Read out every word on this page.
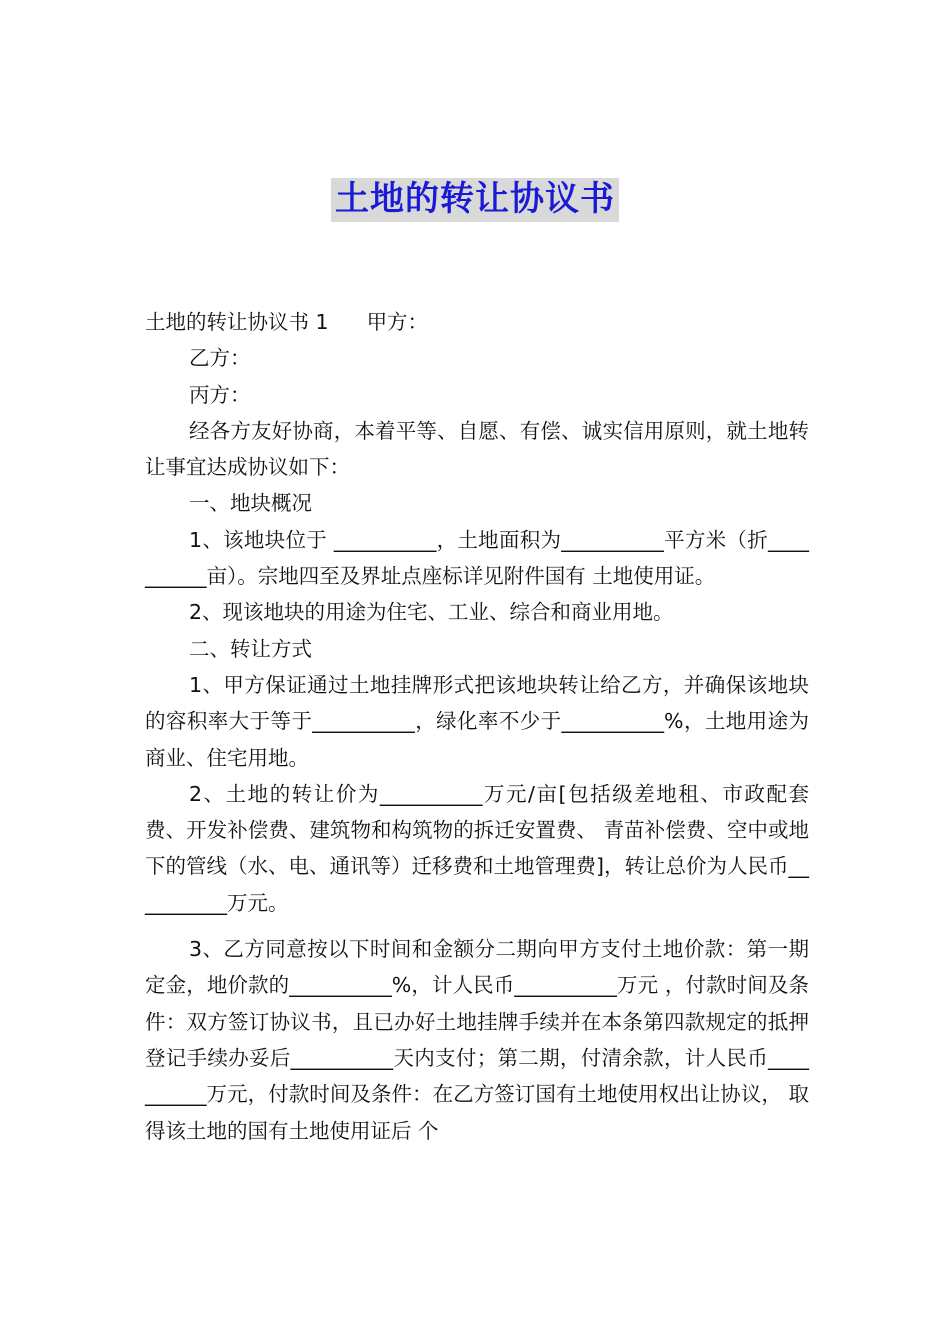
土地的转让协议书

土地的转让协议书 1 甲方：

乙方：

丙方：

经各方友好协商，本着平等、自愿、有偿、诚实信用原则，就土地转让事宜达成协议如下：

一、地块概况

1、该地块位于 __________，土地面积为__________平方米（折__________亩）。宗地四至及界址点座标详见附件国有 土地使用证。

2、现该地块的用途为住宅、工业、综合和商业用地。

二、转让方式

1、甲方保证通过土地挂牌形式把该地块转让给乙方，并确保该地块的容积率大于等于__________，绿化率不少于__________%，土地用途为商业、住宅用地。

2、土地的转让价为__________万元/亩[包括级差地租、市政配套费、开发补偿费、建筑物和构筑物的拆迁安置费、 青苗补偿费、空中或地下的管线（水、电、通讯等）迁移费和土地管理费]，转让总价为人民币__________万元。

3、乙方同意按以下时间和金额分二期向甲方支付土地价款：第一期定金，地价款的__________%，计人民币__________万元 ，付款时间及条件：双方签订协议书，且已办好土地挂牌手续并在本条第四款规定的抵押登记手续办妥后__________天内支付；第二期，付清余款，计人民币__________万元，付款时间及条件：在乙方签订国有土地使用权出让协议， 取得该土地的国有土地使用证后 个
